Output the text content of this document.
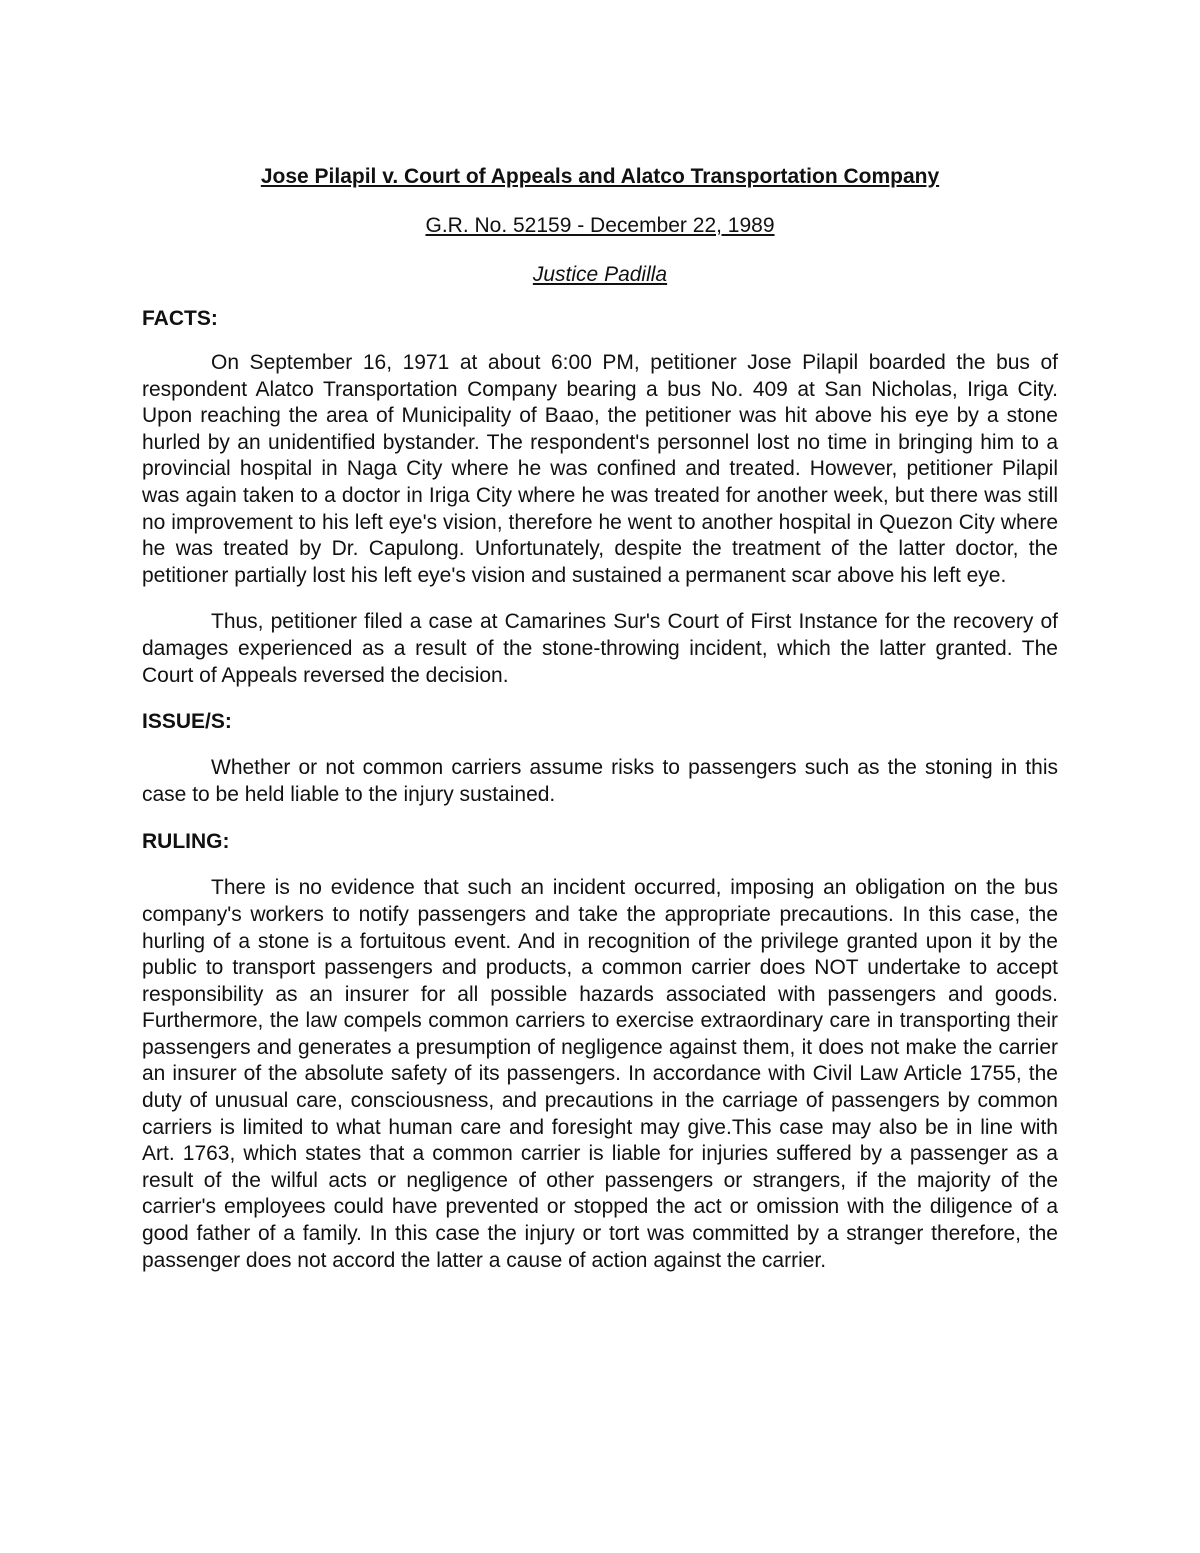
Jose Pilapil v. Court of Appeals and Alatco Transportation Company

G.R. No. 52159 - December 22, 1989

Justice Padilla

FACTS:

On September 16, 1971 at about 6:00 PM, petitioner Jose Pilapil boarded the bus of respondent Alatco Transportation Company bearing a bus No. 409 at San Nicholas, Iriga City. Upon reaching the area of Municipality of Baao, the petitioner was hit above his eye by a stone hurled by an unidentified bystander. The respondent's personnel lost no time in bringing him to a provincial hospital in Naga City where he was confined and treated. However, petitioner Pilapil was again taken to a doctor in Iriga City where he was treated for another week, but there was still no improvement to his left eye's vision, therefore he went to another hospital in Quezon City where he was treated by Dr. Capulong. Unfortunately, despite the treatment of the latter doctor, the petitioner partially lost his left eye's vision and sustained a permanent scar above his left eye.

Thus, petitioner filed a case at Camarines Sur's Court of First Instance for the recovery of damages experienced as a result of the stone-throwing incident, which the latter granted. The Court of Appeals reversed the decision.

ISSUE/S:

Whether or not common carriers assume risks to passengers such as the stoning in this case to be held liable to the injury sustained.

RULING:

There is no evidence that such an incident occurred, imposing an obligation on the bus company's workers to notify passengers and take the appropriate precautions. In this case, the hurling of a stone is a fortuitous event. And in recognition of the privilege granted upon it by the public to transport passengers and products, a common carrier does NOT undertake to accept responsibility as an insurer for all possible hazards associated with passengers and goods. Furthermore, the law compels common carriers to exercise extraordinary care in transporting their passengers and generates a presumption of negligence against them, it does not make the carrier an insurer of the absolute safety of its passengers. In accordance with Civil Law Article 1755, the duty of unusual care, consciousness, and precautions in the carriage of passengers by common carriers is limited to what human care and foresight may give.This case may also be in line with Art. 1763, which states that a common carrier is liable for injuries suffered by a passenger as a result of the wilful acts or negligence of other passengers or strangers, if the majority of the carrier's employees could have prevented or stopped the act or omission with the diligence of a good father of a family. In this case the injury or tort was committed by a stranger therefore, the passenger does not accord the latter a cause of action against the carrier.
